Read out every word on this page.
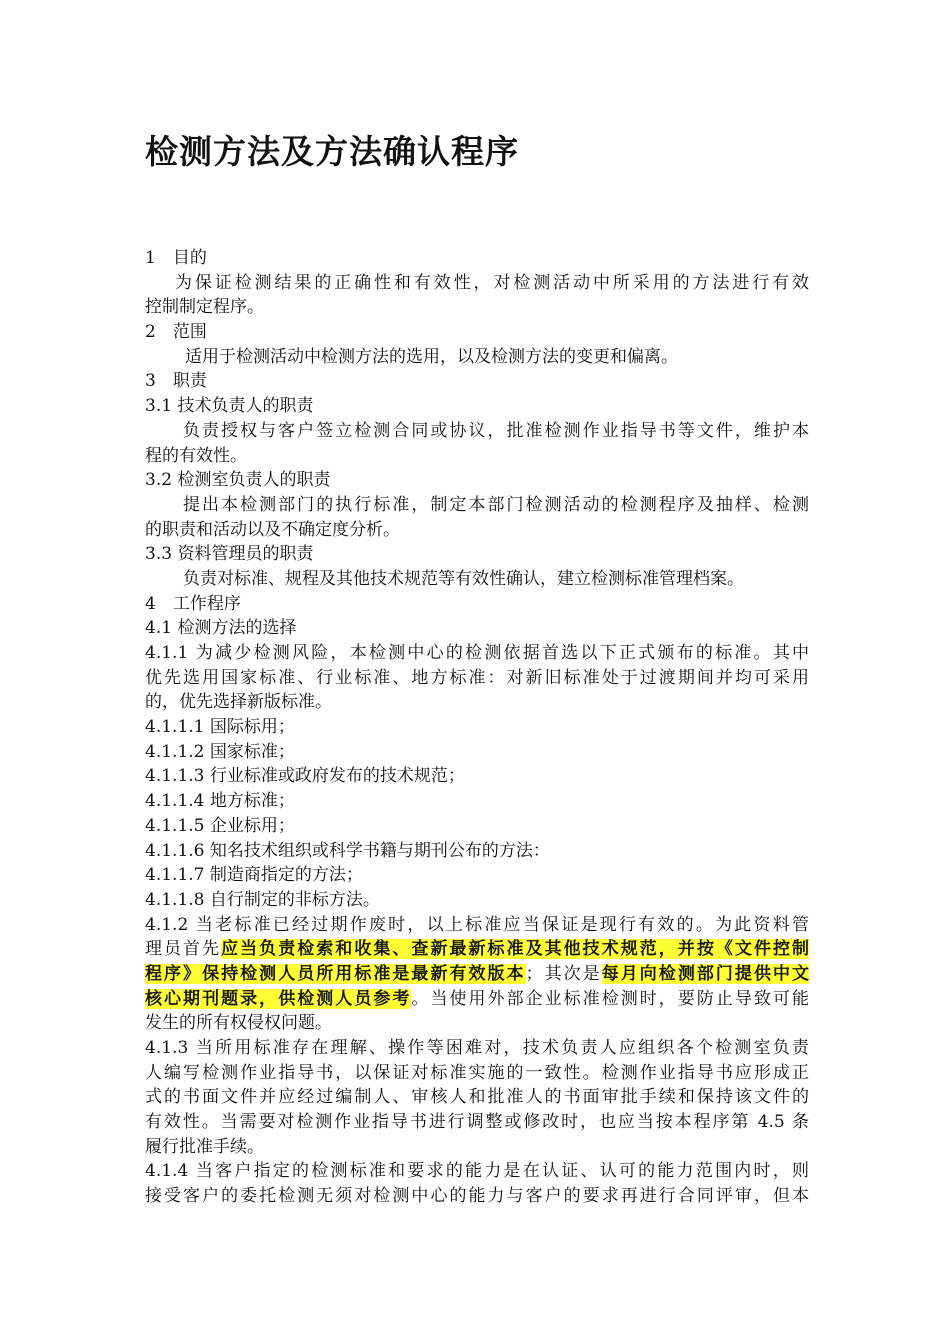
检测方法及方法确认程序
1　目的
为保证检测结果的正确性和有效性，对检测活动中所采用的方法进行有效
控制制定程序。
2　范围
适用于检测活动中检测方法的选用，以及检测方法的变更和偏离。
3　职责
3.1 技术负责人的职责
负责授权与客户签立检测合同或协议，批准检测作业指导书等文件，维护本
程的有效性。
3.2 检测室负责人的职责
提出本检测部门的执行标准，制定本部门检测活动的检测程序及抽样、检测
的职责和活动以及不确定度分析。
3.3 资料管理员的职责
负责对标准、规程及其他技术规范等有效性确认，建立检测标准管理档案。
4　工作程序
4.1 检测方法的选择
4.1.1 为减少检测风险，本检测中心的检测依据首选以下正式颁布的标准。其中
优先选用国家标准、行业标准、地方标准：对新旧标准处于过渡期间并均可采用
的，优先选择新版标准。
4.1.1.1 国际标用；
4.1.1.2 国家标准；
4.1.1.3 行业标准或政府发布的技术规范；
4.1.1.4 地方标准；
4.1.1.5 企业标用；
4.1.1.6 知名技术组织或科学书籍与期刊公布的方法：
4.1.1.7 制造商指定的方法；
4.1.1.8 自行制定的非标方法。
4.1.2 当老标准已经过期作废时，以上标准应当保证是现行有效的。为此资料管
理员首先应当负责检索和收集、查新最新标准及其他技术规范，并按《文件控制
程序》保持检测人员所用标准是最新有效版本；其次是每月向检测部门提供中文
核心期刊题录，供检测人员参考。当使用外部企业标准检测时，要防止导致可能
发生的所有权侵权问题。
4.1.3 当所用标准存在理解、操作等困难对，技术负责人应组织各个检测室负责
人编写检测作业指导书，以保证对标准实施的一致性。检测作业指导书应形成正
式的书面文件并应经过编制人、审核人和批准人的书面审批手续和保持该文件的
有效性。当需要对检测作业指导书进行调整或修改时，也应当按本程序第 4.5 条
履行批准手续。
4.1.4 当客户指定的检测标准和要求的能力是在认证、认可的能力范围内时，则
接受客户的委托检测无须对检测中心的能力与客户的要求再进行合同评审，但本
